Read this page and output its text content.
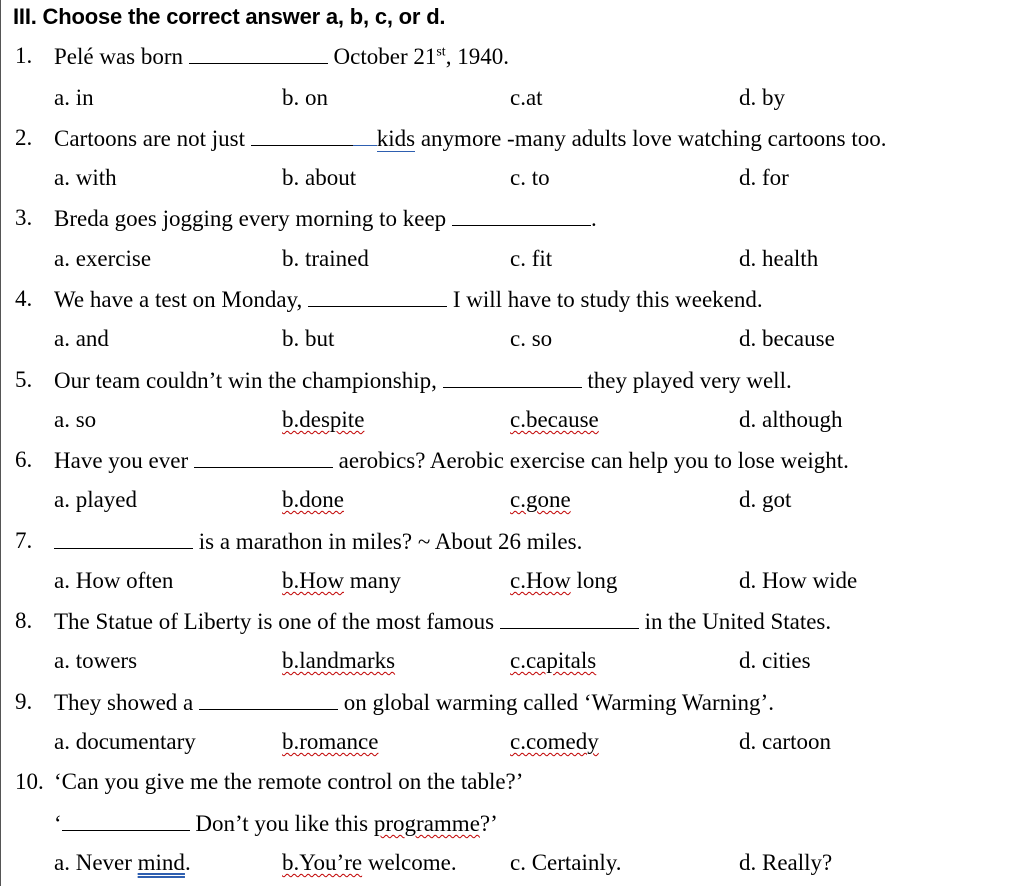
III. Choose the correct answer a, b, c, or d.
1. Pelé was born	October 21st, 1940.
a. in	b. on	c.at	d. by
2. Cartoons are not just	kids anymore -many adults love watching cartoons too.
a. with	b. about	c. to	d. for
3. Breda goes jogging every morning to keep	.
a. exercise	b. trained	c. fit	d. health
4. We have a test on Monday,	I will have to study this weekend.
a. and	b. but	c. so	d. because
5. Our team couldn’t win the championship,	they played very well.
a. so	b.despite	c.because	d. although
6. Have you ever	aerobics? Aerobic exercise can help you to lose weight.
a. played	b.done	c.gone	d. got
7.	is a marathon in miles? ~ About 26 miles.
a. How often	b.How many	c.How long	d. How wide
8. The Statue of Liberty is one of the most famous	in the United States.
a. towers	b.landmarks	c.capitals	d. cities
9. They showed a	on global warming called ‘Warming Warning’.
a. documentary	b.romance	c.comedy	d. cartoon
10. ‘Can you give me the remote control on the table?’
‘	Don’t you like this programme?’
a. Never mind.	b.You’re welcome. c. Certainly.	d. Really?
